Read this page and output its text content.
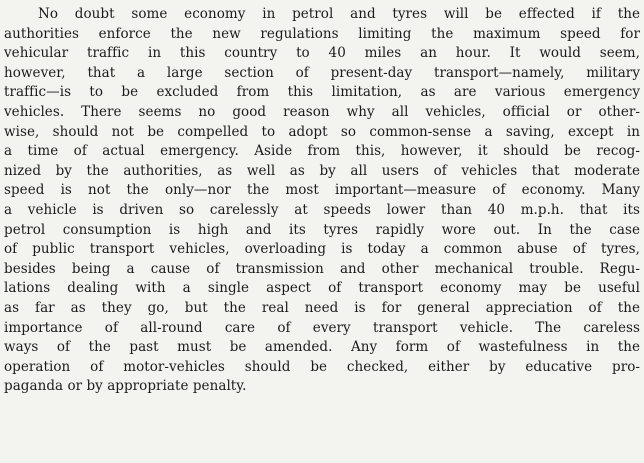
No doubt some economy in petrol and tyres will be effected if the
authorities enforce the new regulations limiting the maximum speed for
vehicular traffic in this country to 40 miles an hour. It would seem,
however, that a large section of present-day transport—namely, military
traffic—is to be excluded from this limitation, as are various emergency
vehicles. There seems no good reason why all vehicles, official or other-
wise, should not be compelled to adopt so common-sense a saving, except in
a time of actual emergency. Aside from this, however, it should be recog-
nized by the authorities, as well as by all users of vehicles that moderate
speed is not the only—nor the most important—measure of economy. Many
a vehicle is driven so carelessly at speeds lower than 40 m.p.h. that its
petrol consumption is high and its tyres rapidly wore out. In the case
of public transport vehicles, overloading is today a common abuse of tyres,
besides being a cause of transmission and other mechanical trouble. Regu-
lations dealing with a single aspect of transport economy may be useful
as far as they go, but the real need is for general appreciation of the
importance of all-round care of every transport vehicle. The careless
ways of the past must be amended. Any form of wastefulness in the
operation of motor-vehicles should be checked, either by educative pro-
paganda or by appropriate penalty.
